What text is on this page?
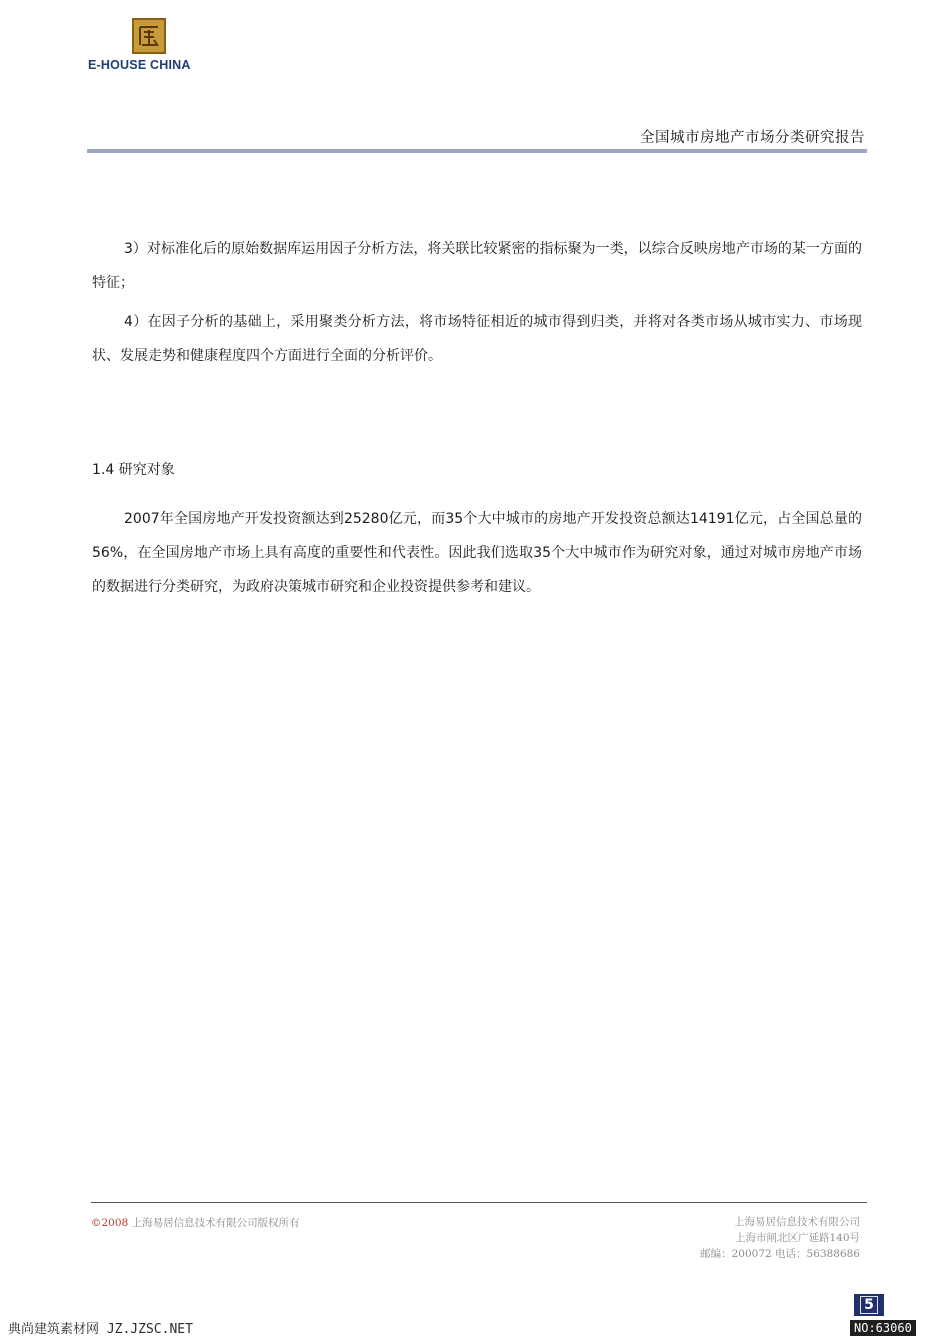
E-HOUSE CHINA
全国城市房地产市场分类研究报告

3）对标准化后的原始数据库运用因子分析方法，将关联比较紧密的指标聚为一类，以综合反映房地产市场的某一方面的特征；

4）在因子分析的基础上，采用聚类分析方法，将市场特征相近的城市得到归类，并将对各类市场从城市实力、市场现状、发展走势和健康程度四个方面进行全面的分析评价。

1.4 研究对象

2007年全国房地产开发投资额达到25280亿元，而35个大中城市的房地产开发投资总额达14191亿元，占全国总量的56%，在全国房地产市场上具有高度的重要性和代表性。因此我们选取35个大中城市作为研究对象，通过对城市房地产市场的数据进行分类研究，为政府决策城市研究和企业投资提供参考和建议。

©2008 上海易居信息技术有限公司版权所有	上海易居信息技术有限公司
上海市闸北区广延路140号
邮编：200072 电话：56388686
5
典尚建筑素材网 JZ.JZSC.NET	NO:63060
